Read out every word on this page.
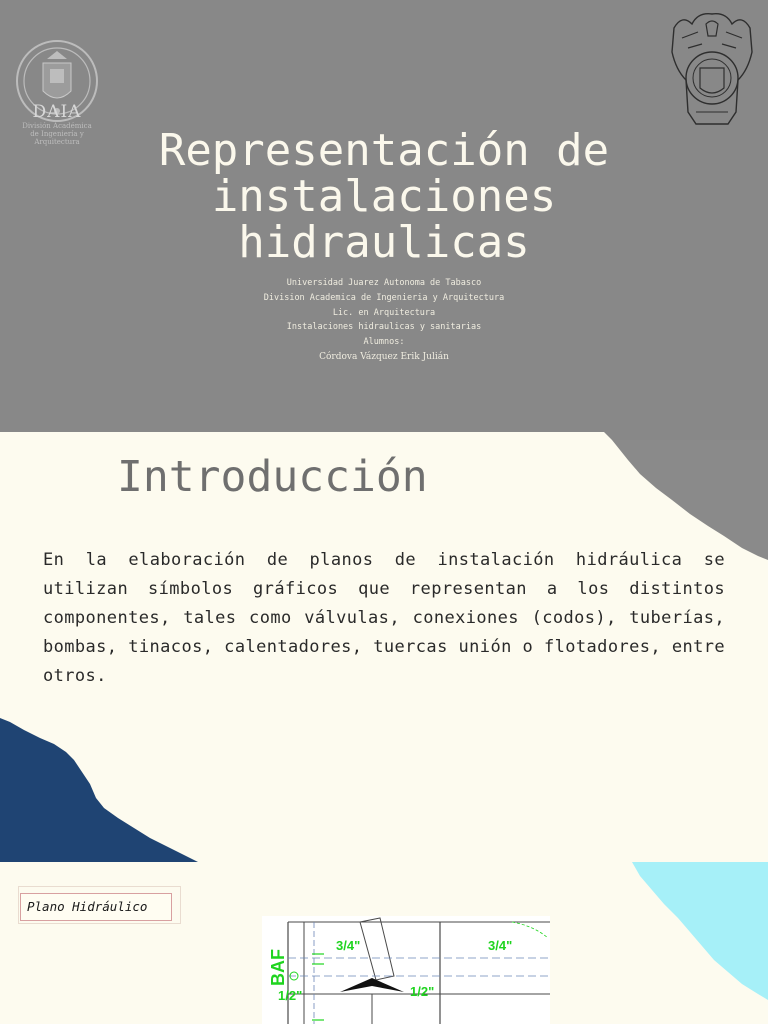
DAIA
División Académica
de Ingeniería y
Arquitectura	Representación de
instalaciones
hidraulicas
Universidad Juarez Autonoma de Tabasco
Division Academica de Ingenieria y Arquitectura
Lic. en Arquitectura
Instalaciones hidraulicas y sanitarias
Alumnos:
Córdova Vázquez Erik Julián
Introducción
En la elaboración de planos de instalación hidráulica se utilizan símbolos gráficos que representan a los distintos componentes, tales como válvulas, conexiones (codos), tuberías, bombas, tinacos, calentadores, tuercas unión o flotadores, entre otros.
Plano Hidráulico
BAF
3/4"	3/4"
1/2"
1/2"
